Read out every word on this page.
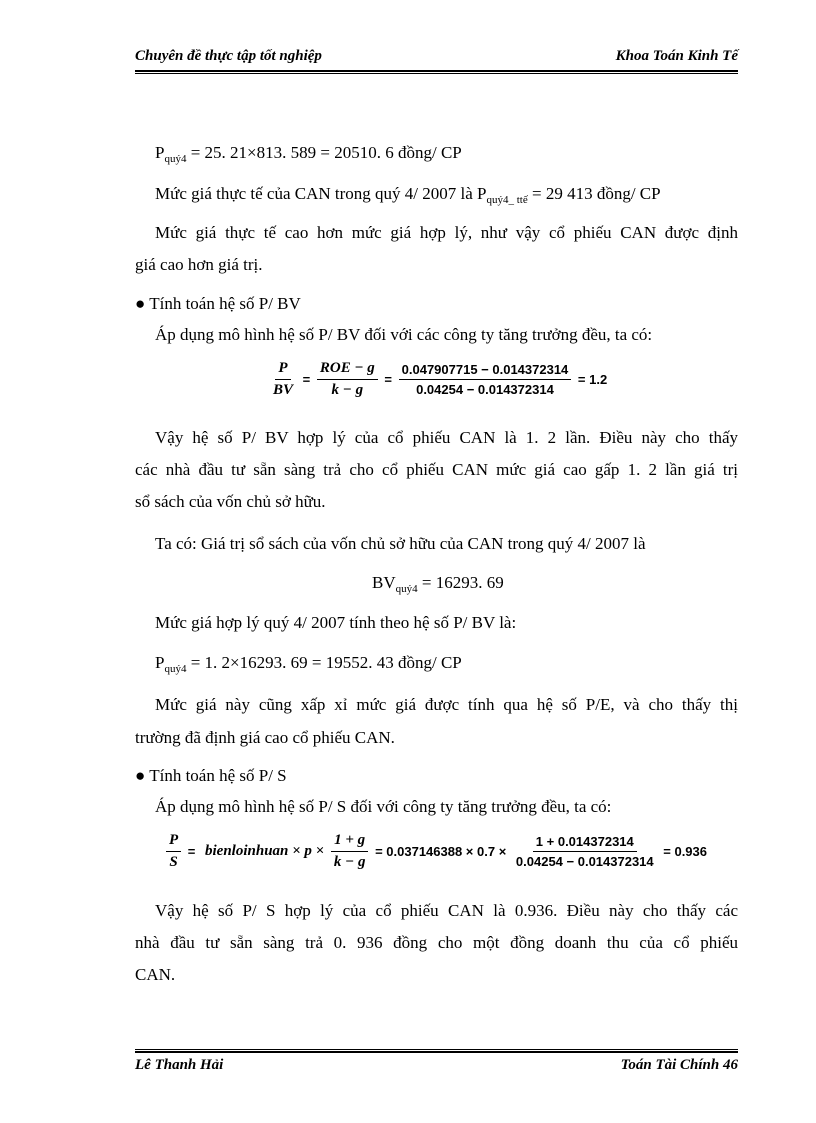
Chuyên đề thực tập tốt nghiệp	Khoa Toán Kinh Tế
$P_{quý4} = 25$. 21×813. 589 = 20510. 6 đồng/ CP
Mức giá thực tế của CAN trong quý 4/ 2007 là $P_{quý4\_ ttế} = 29$ 413 đồng/ CP
Mức giá thực tế cao hơn mức giá hợp lý, như vậy cổ phiếu CAN được định
giá cao hơn giá trị.
● Tính toán hệ số P/ BV
Áp dụng mô hình hệ số P/ BV đối với các công ty tăng trưởng đều, ta có:
$\frac{P}{BV}$ =
ROE − g
k − g
= $\frac{0.047907715 - 0.014372314}{0.04254 - 0.014372314} = 1.2$
Vậy hệ số P/ BV hợp lý của cổ phiếu CAN là 1. 2 lần. Điều này cho thấy
các nhà đầu tư sẵn sàng trả cho cổ phiếu CAN mức giá cao gấp 1. 2 lần giá trị
sổ sách của vốn chủ sở hữu.
Ta có: Giá trị sổ sách của vốn chủ sở hữu của CAN trong quý 4/ 2007 là
$BV_{quý4} = 16293$. 69
Mức giá hợp lý quý 4/ 2007 tính theo hệ số P/ BV là:
$P_{quý4} = 1$. 2×16293. 69 = 19552. 43 đồng/ CP
Mức giá này cũng xấp xỉ mức giá được tính qua hệ số P/E, và cho thấy thị
trường đã định giá cao cổ phiếu CAN.
● Tính toán hệ số P/ S
Áp dụng mô hình hệ số P/ S đối với công ty tăng trưởng đều, ta có:
$\frac{P}{S}$ = bienloinhuan × $p \times \frac{1 + g}{k - g} = 0.037146388 \times 0.7 \times \frac{1 + 0.014372314}{0.04254 - 0.014372314} = 0.936$
Vậy hệ số P/ S hợp lý của cổ phiếu CAN là 0.936. Điều này cho thấy các
nhà đầu tư sẵn sàng trả 0. 936 đồng cho một đồng doanh thu của cổ phiếu
CAN.
Lê Thanh Hải	Toán Tài Chính 46
